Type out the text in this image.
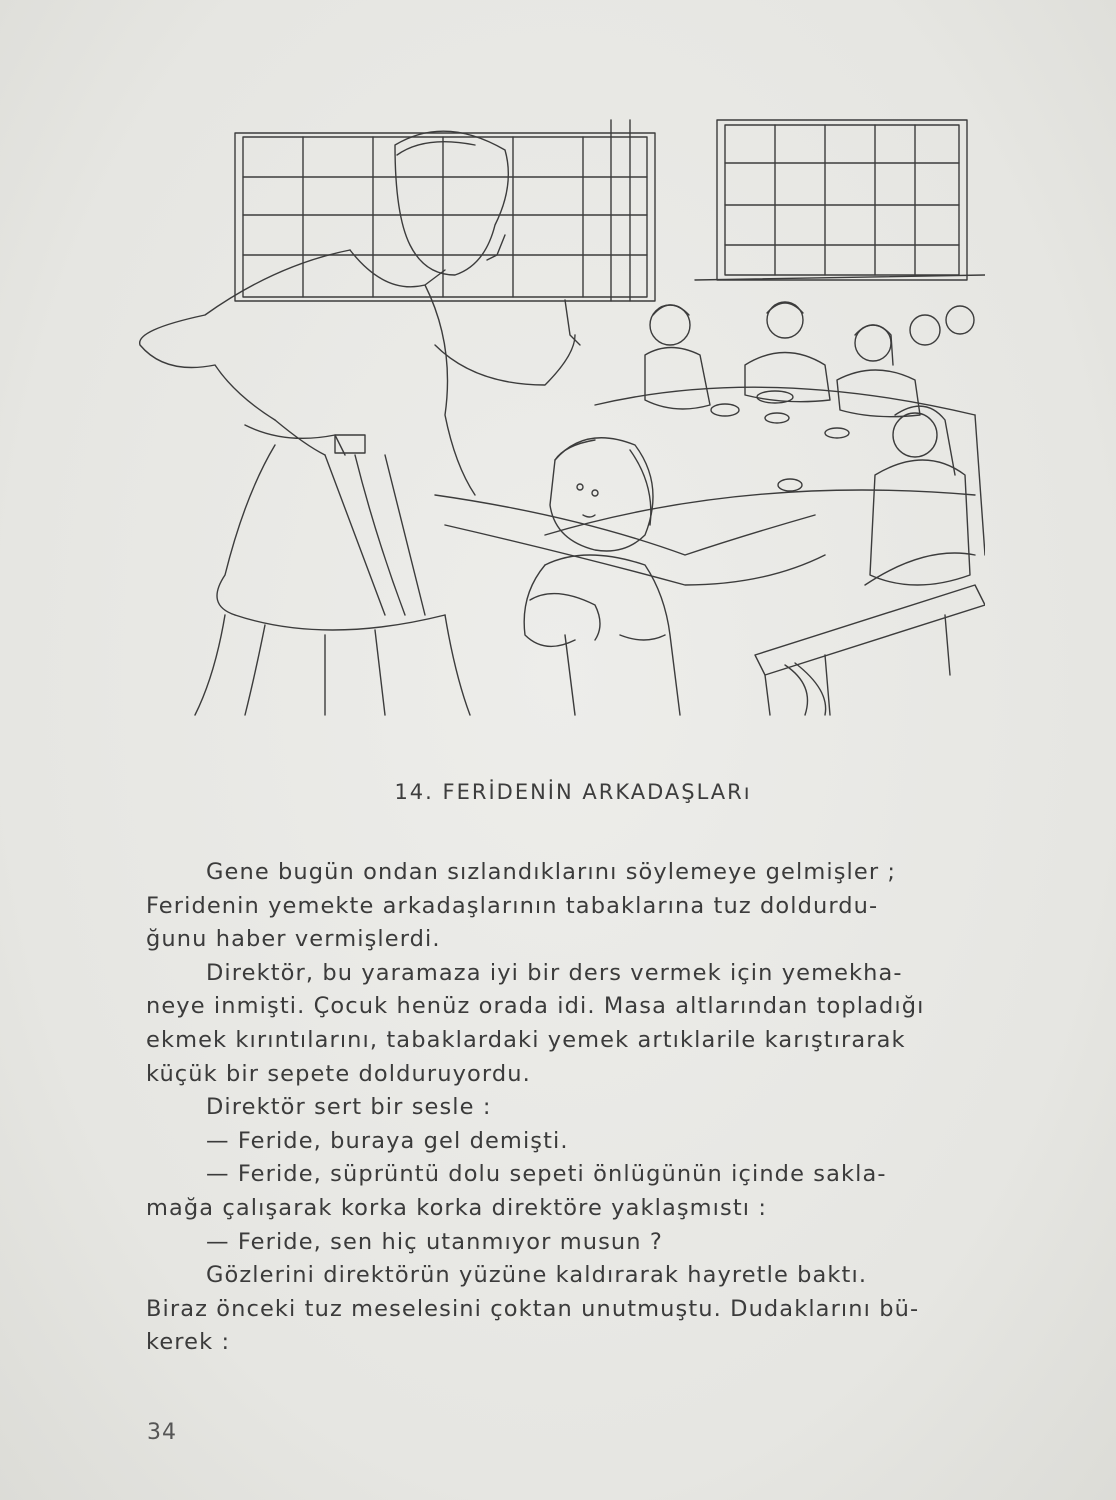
14. FERİDENİN ARKADAŞLARı

Gene bugün ondan sızlandıklarını söylemeye gelmişler ;
Feridenin yemekte arkadaşlarının tabaklarına tuz doldurdu-
ğunu haber vermişlerdi.

Direktör, bu yaramaza iyi bir ders vermek için yemekha-
neye inmişti. Çocuk henüz orada idi. Masa altlarından topladığı
ekmek kırıntılarını, tabaklardaki yemek artıklarile karıştırarak
küçük bir sepete dolduruyordu.

Direktör sert bir sesle :

— Feride, buraya gel demişti.

— Feride, süprüntü dolu sepeti önlügünün içinde sakla-
mağa çalışarak korka korka direktöre yaklaşmıstı :

— Feride, sen hiç utanmıyor musun ?

Gözlerini direktörün yüzüne kaldırarak hayretle baktı.
Biraz önceki tuz meselesini çoktan unutmuştu. Dudaklarını bü-
kerek :

34
